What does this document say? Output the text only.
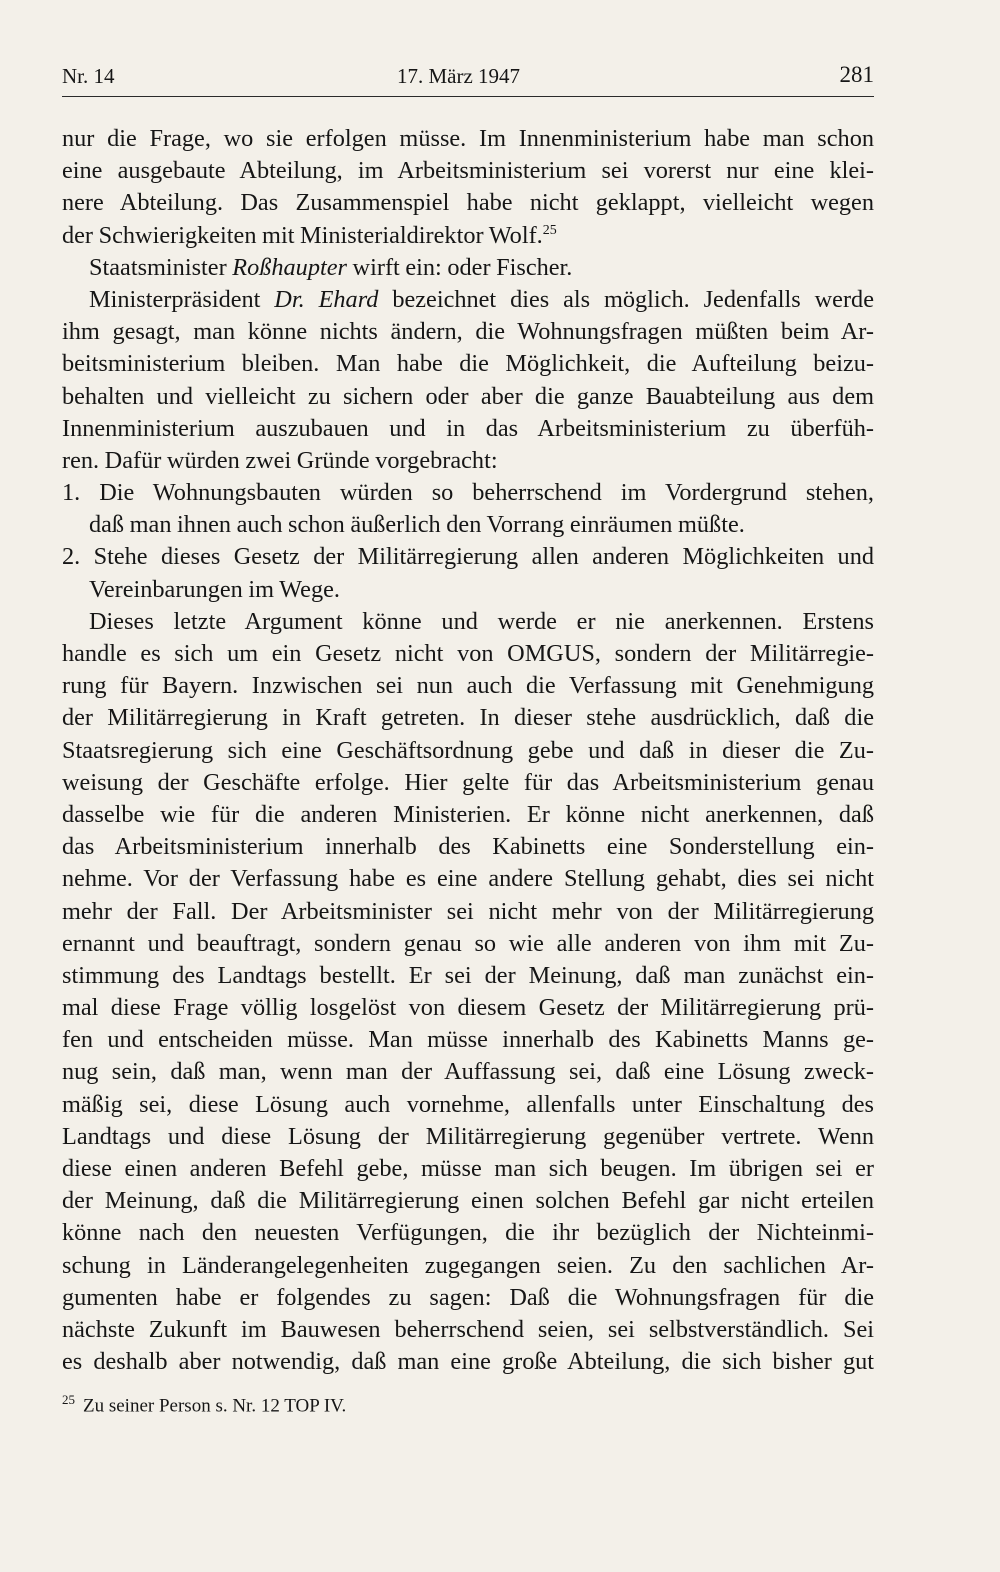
Nr. 14	17. März 1947	281
nur die Frage, wo sie erfolgen müsse. Im Innenministerium habe man schon
eine ausgebaute Abteilung, im Arbeitsministerium sei vorerst nur eine klei-
nere Abteilung. Das Zusammenspiel habe nicht geklappt, vielleicht wegen
der Schwierigkeiten mit Ministerialdirektor Wolf.$^{25}$
Staatsminister Roßhaupter wirft ein: oder Fischer.
Ministerpräsident Dr. Ehard bezeichnet dies als möglich. Jedenfalls werde
ihm gesagt, man könne nichts ändern, die Wohnungsfragen müßten beim Ar-
beitsministerium bleiben. Man habe die Möglichkeit, die Aufteilung beizu-
behalten und vielleicht zu sichern oder aber die ganze Bauabteilung aus dem
Innenministerium auszubauen und in das Arbeitsministerium zu überfüh-
ren. Dafür würden zwei Gründe vorgebracht:
1. Die Wohnungsbauten würden so beherrschend im Vordergrund stehen,
daß man ihnen auch schon äußerlich den Vorrang einräumen müßte.
2. Stehe dieses Gesetz der Militärregierung allen anderen Möglichkeiten und
Vereinbarungen im Wege.
Dieses letzte Argument könne und werde er nie anerkennen. Erstens
handle es sich um ein Gesetz nicht von OMGUS, sondern der Militärregie-
rung für Bayern. Inzwischen sei nun auch die Verfassung mit Genehmigung
der Militärregierung in Kraft getreten. In dieser stehe ausdrücklich, daß die
Staatsregierung sich eine Geschäftsordnung gebe und daß in dieser die Zu-
weisung der Geschäfte erfolge. Hier gelte für das Arbeitsministerium genau
dasselbe wie für die anderen Ministerien. Er könne nicht anerkennen, daß
das Arbeitsministerium innerhalb des Kabinetts eine Sonderstellung ein-
nehme. Vor der Verfassung habe es eine andere Stellung gehabt, dies sei nicht
mehr der Fall. Der Arbeitsminister sei nicht mehr von der Militärregierung
ernannt und beauftragt, sondern genau so wie alle anderen von ihm mit Zu-
stimmung des Landtags bestellt. Er sei der Meinung, daß man zunächst ein-
mal diese Frage völlig losgelöst von diesem Gesetz der Militärregierung prü-
fen und entscheiden müsse. Man müsse innerhalb des Kabinetts Manns ge-
nug sein, daß man, wenn man der Auffassung sei, daß eine Lösung zweck-
mäßig sei, diese Lösung auch vornehme, allenfalls unter Einschaltung des
Landtags und diese Lösung der Militärregierung gegenüber vertrete. Wenn
diese einen anderen Befehl gebe, müsse man sich beugen. Im übrigen sei er
der Meinung, daß die Militärregierung einen solchen Befehl gar nicht erteilen
könne nach den neuesten Verfügungen, die ihr bezüglich der Nichteinmi-
schung in Länderangelegenheiten zugegangen seien. Zu den sachlichen Ar-
gumenten habe er folgendes zu sagen: Daß die Wohnungsfragen für die
nächste Zukunft im Bauwesen beherrschend seien, sei selbstverständlich. Sei
es deshalb aber notwendig, daß man eine große Abteilung, die sich bisher gut
$^{25}$ Zu seiner Person s. Nr. 12 TOP IV.
